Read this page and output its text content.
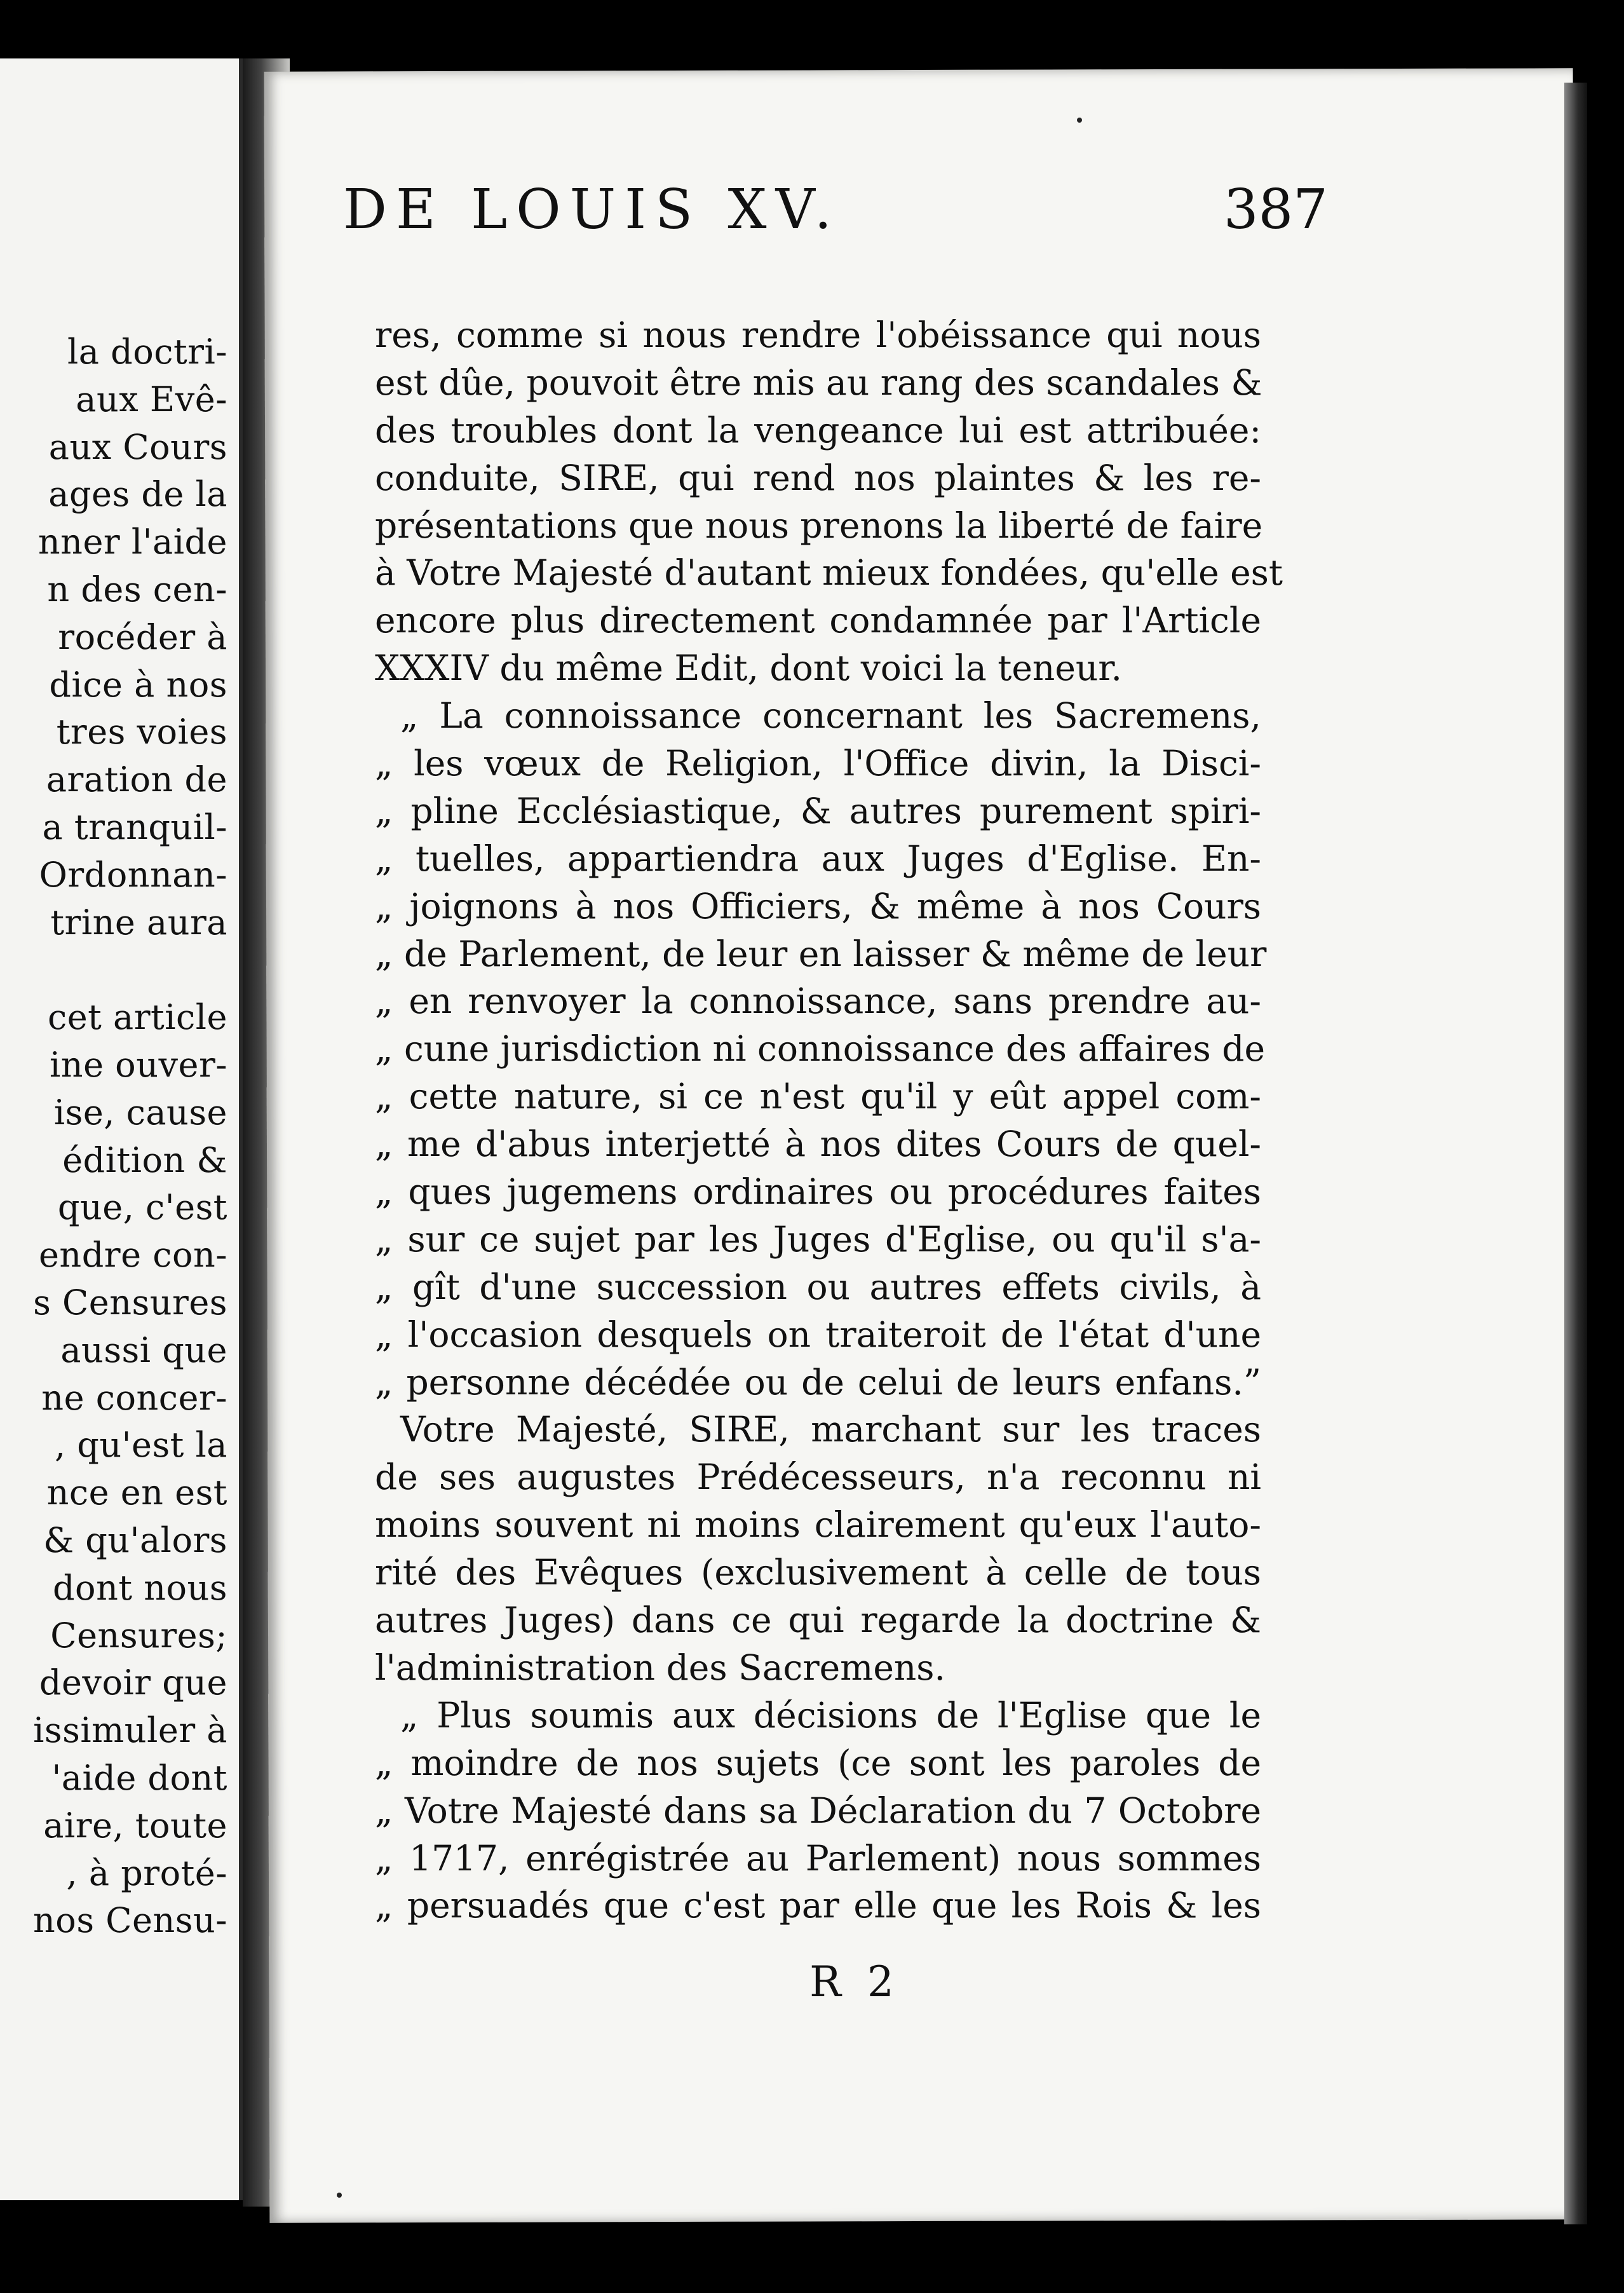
la doctri-
aux Evê-
aux Cours
ages de la
nner l'aide
n des cen-
rocéder à
dice à nos
tres voies
aration de
a tranquil-
Ordonnan-
trine aura
cet article
ine ouver-
ise, cause
édition &
que, c'est
endre con-
s Censures
aussi que
ne concer-
, qu'est la
nce en est
& qu'alors
dont nous
Censures;
devoir que
issimuler à
'aide dont
aire, toute
, à proté-
nos Censu-
DE LOUIS XV.	387
res, comme si nous rendre l'obéissance qui nous
est dûe, pouvoit être mis au rang des scandales &
des troubles dont la vengeance lui est attribuée:
conduite, SIRE, qui rend nos plaintes & les re-
présentations que nous prenons la liberté de faire
à Votre Majesté d'autant mieux fondées, qu'elle est
encore plus directement condamnée par l'Article
XXXIV du même Edit, dont voici la teneur.
„ La connoissance concernant les Sacremens,
„ les vœux de Religion, l'Office divin, la Disci-
„ pline Ecclésiastique, & autres purement spiri-
„ tuelles, appartiendra aux Juges d'Eglise. En-
„ joignons à nos Officiers, & même à nos Cours
„ de Parlement, de leur en laisser & même de leur
„ en renvoyer la connoissance, sans prendre au-
„ cune jurisdiction ni connoissance des affaires de
„ cette nature, si ce n'est qu'il y eût appel com-
„ me d'abus interjetté à nos dites Cours de quel-
„ ques jugemens ordinaires ou procédures faites
„ sur ce sujet par les Juges d'Eglise, ou qu'il s'a-
„ gît d'une succession ou autres effets civils, à
„ l'occasion desquels on traiteroit de l'état d'une
„ personne décédée ou de celui de leurs enfans.”
Votre Majesté, SIRE, marchant sur les traces
de ses augustes Prédécesseurs, n'a reconnu ni
moins souvent ni moins clairement qu'eux l'auto-
rité des Evêques (exclusivement à celle de tous
autres Juges) dans ce qui regarde la doctrine &
l'administration des Sacremens.
„ Plus soumis aux décisions de l'Eglise que le
„ moindre de nos sujets (ce sont les paroles de
„ Votre Majesté dans sa Déclaration du 7 Octobre
„ 1717, enrégistrée au Parlement) nous sommes
„ persuadés que c'est par elle que les Rois & les
R 2
